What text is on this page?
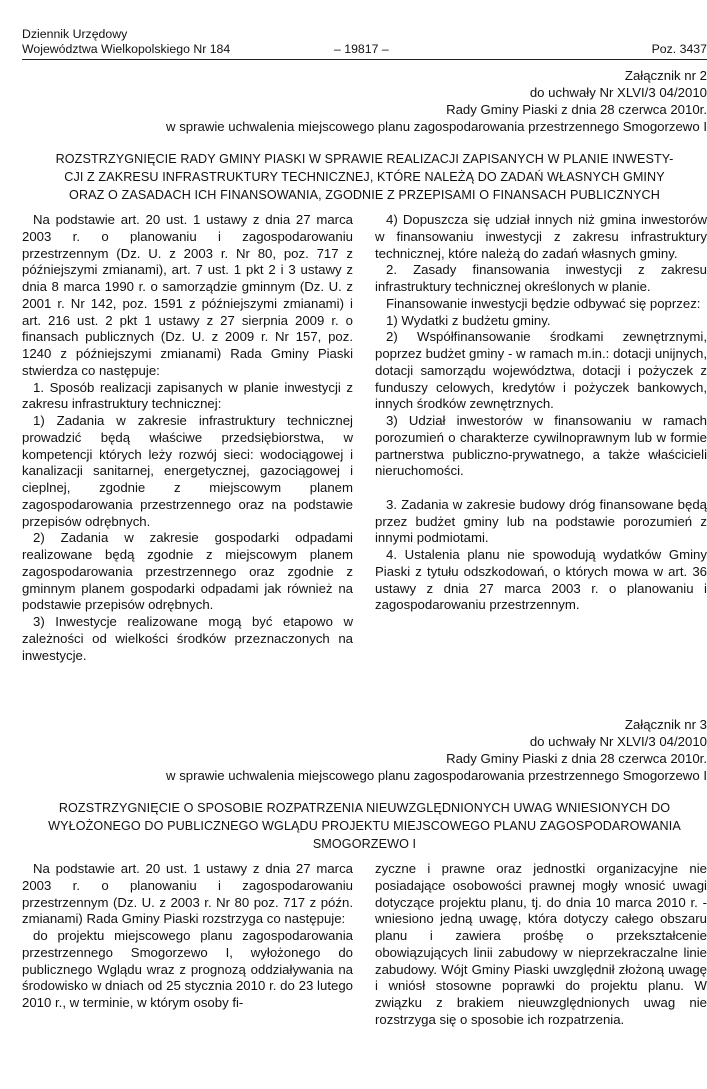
Dziennik Urzędowy
Województwa Wielkopolskiego Nr 184	– 19817 –	Poz. 3437
Załącznik nr 2
do uchwały Nr XLVI/3 04/2010
Rady Gminy Piaski z dnia 28 czerwca 2010r.
w sprawie uchwalenia miejscowego planu zagospodarowania przestrzennego Smogorzewo I
ROZSTRZYGNIĘCIE RADY GMINY PIASKI W SPRAWIE REALIZACJI ZAPISANYCH W PLANIE INWESTY-
CJI Z ZAKRESU INFRASTRUKTURY TECHNICZNEJ, KTÓRE NALEŻĄ DO ZADAŃ WŁASNYCH GMINY
ORAZ O ZASADACH ICH FINANSOWANIA, ZGODNIE Z PRZEPISAMI O FINANSACH PUBLICZNYCH

Na podstawie art. 20 ust. 1 ustawy z dnia 27 marca 2003 r. o planowaniu i zagospodarowaniu przestrzennym (Dz. U. z 2003 r. Nr 80, poz. 717 z późniejszymi zmianami), art. 7 ust. 1 pkt 2 i 3 ustawy z dnia 8 marca 1990 r. o samorządzie gminnym (Dz. U. z 2001 r. Nr 142, poz. 1591 z późniejszymi zmianami) i art. 216 ust. 2 pkt 1 ustawy z 27 sierpnia 2009 r. o finansach publicznych (Dz. U. z 2009 r. Nr 157, poz. 1240 z późniejszymi zmianami) Rada Gminy Piaski stwierdza co następuje:

1. Sposób realizacji zapisanych w planie inwestycji z zakresu infrastruktury technicznej:

1) Zadania w zakresie infrastruktury technicznej prowadzić będą właściwe przedsiębiorstwa, w kompetencji których leży rozwój sieci: wodociągowej i kanalizacji sanitarnej, energetycznej, gazociągowej i cieplnej, zgodnie z miejscowym planem zagospodarowania przestrzennego oraz na podstawie przepisów odrębnych.

2) Zadania w zakresie gospodarki odpadami realizowane będą zgodnie z miejscowym planem zagospodarowania przestrzennego oraz zgodnie z gminnym planem gospodarki odpadami jak również na podstawie przepisów odrębnych.

3) Inwestycje realizowane mogą być etapowo w zależności od wielkości środków przeznaczonych na inwestycje.

4) Dopuszcza się udział innych niż gmina inwestorów w finansowaniu inwestycji z zakresu infrastruktury technicznej, które należą do zadań własnych gminy.

2. Zasady finansowania inwestycji z zakresu infrastruktury technicznej określonych w planie.

Finansowanie inwestycji będzie odbywać się poprzez:

1) Wydatki z budżetu gminy.

2) Współfinansowanie środkami zewnętrznymi, poprzez budżet gminy - w ramach m.in.: dotacji unijnych, dotacji samorządu województwa, dotacji i pożyczek z funduszy celowych, kredytów i pożyczek bankowych, innych środków zewnętrznych.

3) Udział inwestorów w finansowaniu w ramach porozumień o charakterze cywilnoprawnym lub w formie partnerstwa publiczno-prywatnego, a także właścicieli nieruchomości.

3. Zadania w zakresie budowy dróg finansowane będą przez budżet gminy lub na podstawie porozumień z innymi podmiotami.

4. Ustalenia planu nie spowodują wydatków Gminy Piaski z tytułu odszkodowań, o których mowa w art. 36 ustawy z dnia 27 marca 2003 r. o planowaniu i zagospodarowaniu przestrzennym.

Załącznik nr 3
do uchwały Nr XLVI/3 04/2010
Rady Gminy Piaski z dnia 28 czerwca 2010r.
w sprawie uchwalenia miejscowego planu zagospodarowania przestrzennego Smogorzewo I
ROZSTRZYGNIĘCIE O SPOSOBIE ROZPATRZENIA NIEUWZGLĘDNIONYCH UWAG WNIESIONYCH DO
WYŁOŻONEGO DO PUBLICZNEGO WGLĄDU PROJEKTU MIEJSCOWEGO PLANU ZAGOSPODAROWANIA
SMOGORZEWO I

Na podstawie art. 20 ust. 1 ustawy z dnia 27 marca 2003 r. o planowaniu i zagospodarowaniu przestrzennym (Dz. U. z 2003 r. Nr 80 poz. 717 z późn. zmianami) Rada Gminy Piaski rozstrzyga co następuje:

do projektu miejscowego planu zagospodarowania przestrzennego Smogorzewo I, wyłożonego do publicznego Wglądu wraz z prognozą oddziaływania na środowisko w dniach od 25 stycznia 2010 r. do 23 lutego 2010 r., w terminie, w którym osoby fi-

zyczne i prawne oraz jednostki organizacyjne nie posiadające osobowości prawnej mogły wnosić uwagi dotyczące projektu planu, tj. do dnia 10 marca 2010 r. - wniesiono jedną uwagę, która dotyczy całego obszaru planu i zawiera prośbę o przekształcenie obowiązujących linii zabudowy w nieprzekraczalne linie zabudowy. Wójt Gminy Piaski uwzględnił złożoną uwagę i wniósł stosowne poprawki do projektu planu. W związku z brakiem nieuwzględnionych uwag nie rozstrzyga się o sposobie ich rozpatrzenia.
